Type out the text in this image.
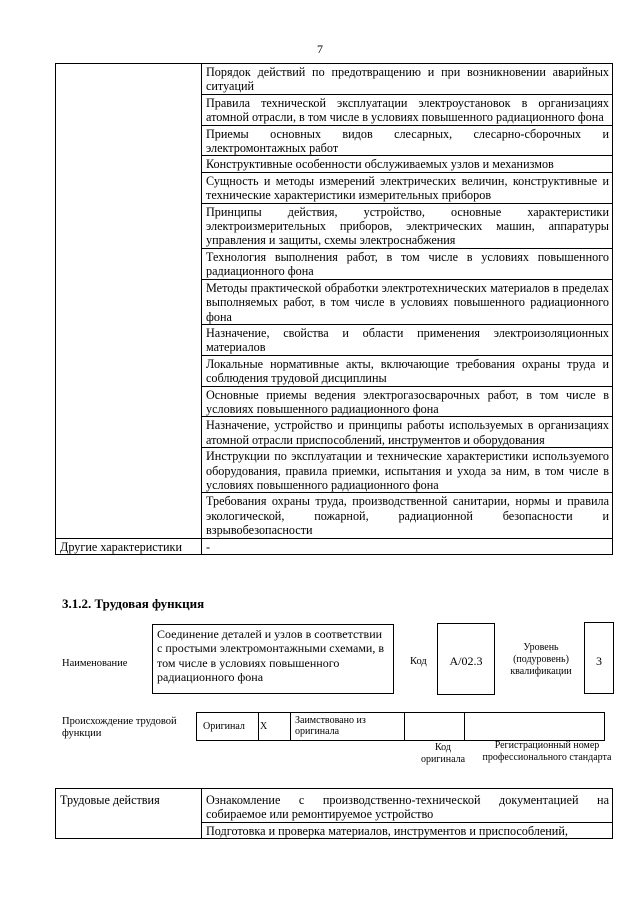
7
	Порядок действий по предотвращению и при возникновении аварийных ситуаций
	Правила технической эксплуатации электроустановок в организациях атомной отрасли, в том числе в условиях повышенного радиационного фона
	Приемы основных видов слесарных, слесарно-сборочных и электромонтажных работ
	Конструктивные особенности обслуживаемых узлов и механизмов
	Сущность и методы измерений электрических величин, конструктивные и технические характеристики измерительных приборов
	Принципы действия, устройство, основные характеристики электроизмерительных приборов, электрических машин, аппаратуры управления и защиты, схемы электроснабжения
	Технология выполнения работ, в том числе в условиях повышенного радиационного фона
	Методы практической обработки электротехнических материалов в пределах выполняемых работ, в том числе в условиях повышенного радиационного фона
	Назначение, свойства и области применения электроизоляционных материалов
	Локальные нормативные акты, включающие требования охраны труда и соблюдения трудовой дисциплины
	Основные приемы ведения электрогазосварочных работ, в том числе в условиях повышенного радиационного фона
	Назначение, устройство и принципы работы используемых в организациях атомной отрасли приспособлений, инструментов и оборудования
	Инструкции по эксплуатации и технические характеристики используемого оборудования, правила приемки, испытания и ухода за ним, в том числе в условиях повышенного радиационного фона
	Требования охраны труда, производственной санитарии, нормы и правила экологической, пожарной, радиационной безопасности и взрывобезопасности
Другие характеристики	-
3.1.2. Трудовая функция
Наименование
Соединение деталей и узлов в соответствии с простыми электромонтажными схемами, в том числе в условиях повышенного радиационного фона
Код	A/02.3
Уровень (подуровень) квалификации
3
Происхождение трудовой функции
Оригинал	X	Заимствовано из оригинала		
Код оригинала
Регистрационный номер профессионального стандарта
Трудовые действия	Ознакомление с производственно-технической документацией на собираемое или ремонтируемое устройство
Подготовка и проверка материалов, инструментов и приспособлений,
